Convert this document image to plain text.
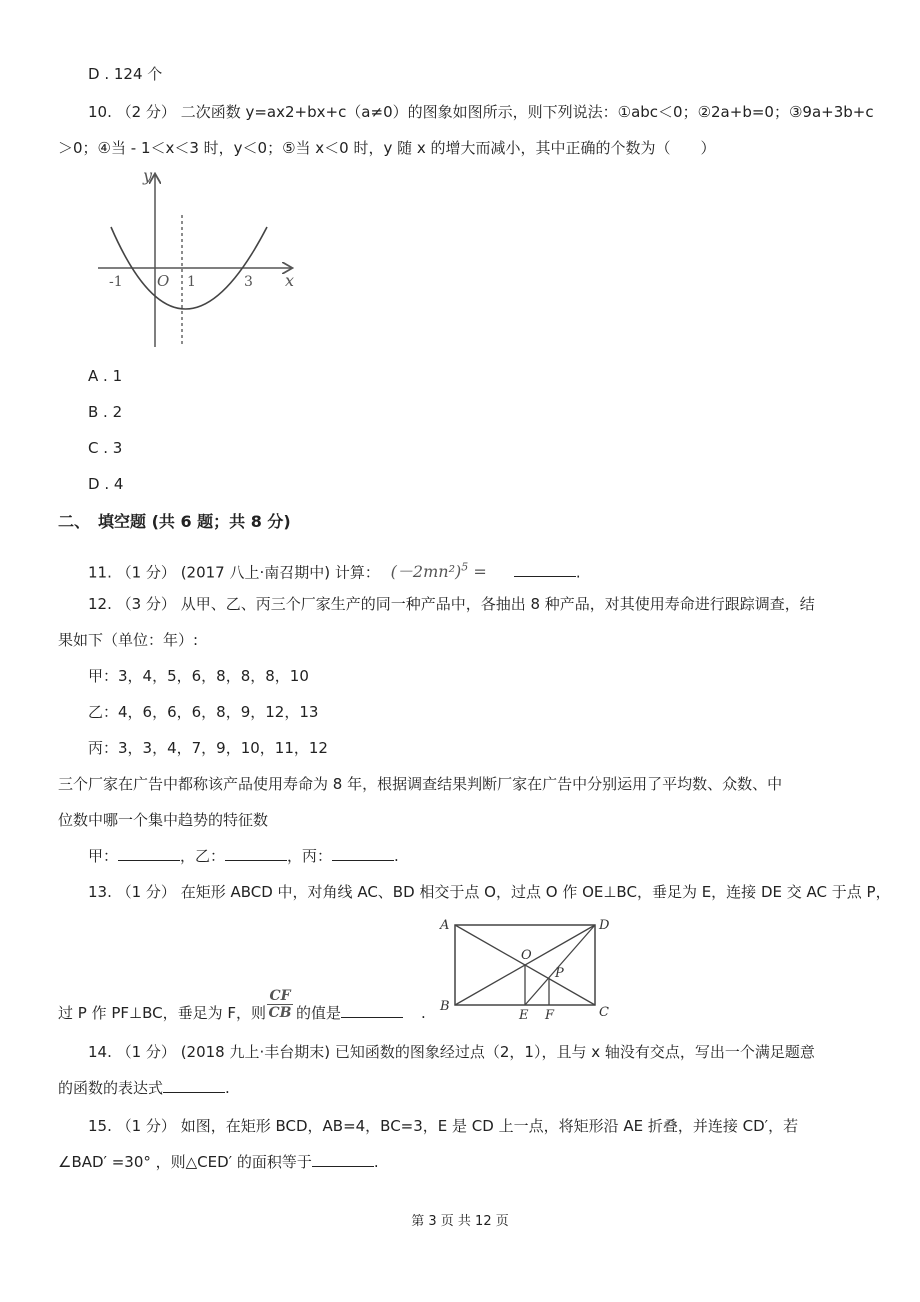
D . 124 个
10. （2 分） 二次函数 y=ax2+bx+c（a≠0）的图象如图所示，则下列说法：①abc＜0；②2a+b=0；③9a+3b+c
＞0；④当 - 1＜x＜3 时，y＜0；⑤当 x＜0 时，y 随 x 的增大而减小，其中正确的个数为（　　）
y
x
O
-1	1	3
A . 1
B . 2
C . 3
D . 4
二、　填空题 (共 6 题；共 8 分)
11. （1 分） (2017 八上·南召期中) 计算： $(-2mn^2)^5$ =	.
12. （3 分） 从甲、乙、丙三个厂家生产的同一种产品中，各抽出 8 种产品，对其使用寿命进行跟踪调查，结
果如下（单位：年）:
甲：3，4，5，6，8，8，8，10
乙：4，6，6，6，8，9，12，13
丙：3，3，4，7，9，10，11，12
三个厂家在广告中都称该产品使用寿命为 8 年，根据调查结果判断厂家在广告中分别运用了平均数、众数、中
位数中哪一个集中趋势的特征数
甲：	，乙：	，丙：	.
13. （1 分） 在矩形 ABCD 中，对角线 AC、BD 相交于点 O，过点 O 作 OE⊥BC，垂足为 E，连接 DE 交 AC 于点 P，
A	D
B	C
O
P
E F
过 P 作 PF⊥BC，垂足为 F，则
CF
CB 的值是	.
14. （1 分） (2018 九上·丰台期末) 已知函数的图象经过点（2，1），且与 x 轴没有交点，写出一个满足题意
的函数的表达式	.
15. （1 分） 如图，在矩形 BCD，AB=4，BC=3，E 是 CD 上一点，将矩形沿 AE 折叠，并连接 CD′，若
∠BAD′ =30° ，则△CED′ 的面积等于	.
第 3 页 共 12 页
